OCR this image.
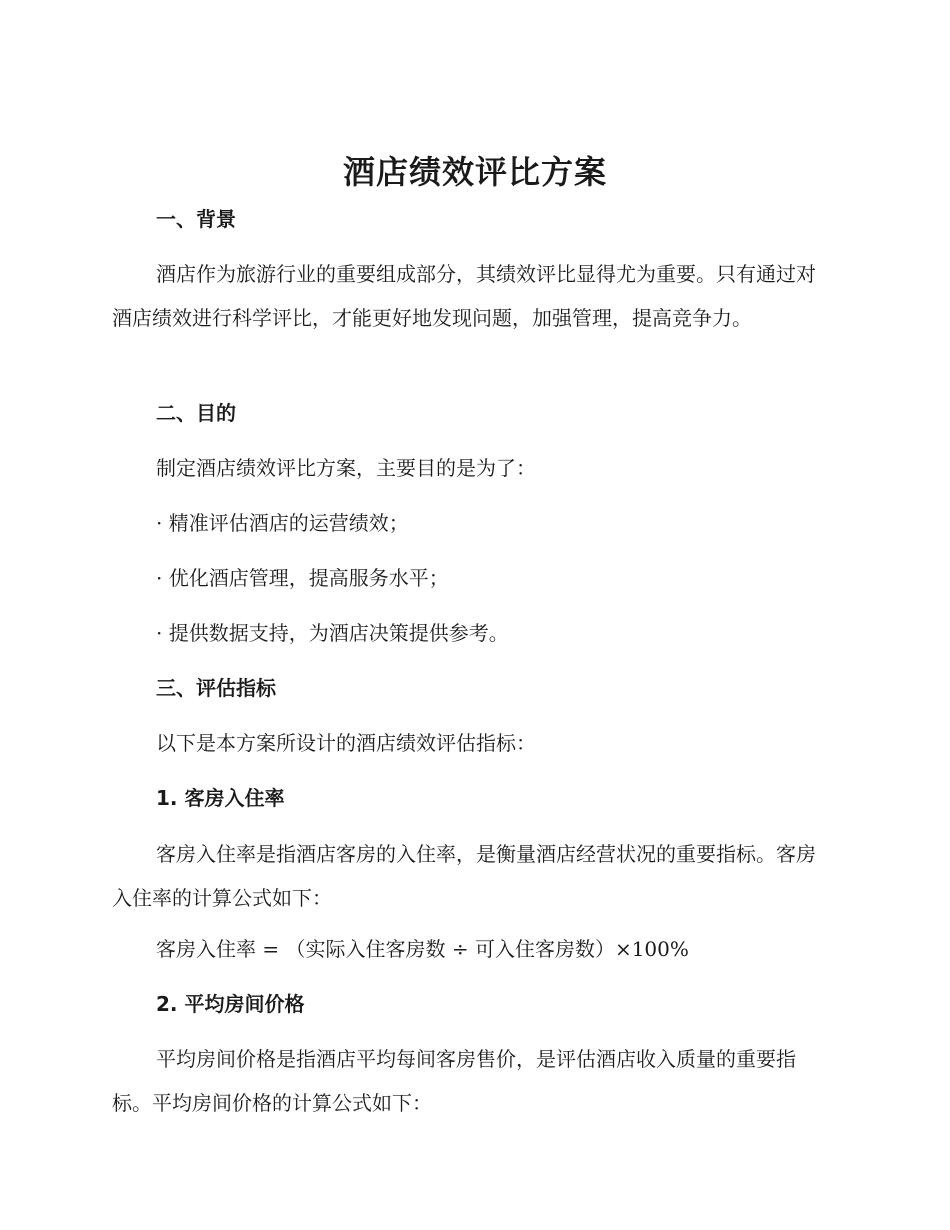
酒店绩效评比方案
一、背景
酒店作为旅游行业的重要组成部分，其绩效评比显得尤为重要。只有通过对酒店绩效进行科学评比，才能更好地发现问题，加强管理，提高竞争力。
二、目的
制定酒店绩效评比方案，主要目的是为了：
· 精准评估酒店的运营绩效；
· 优化酒店管理，提高服务水平；
· 提供数据支持，为酒店决策提供参考。
三、评估指标
以下是本方案所设计的酒店绩效评估指标：
1. 客房入住率
客房入住率是指酒店客房的入住率，是衡量酒店经营状况的重要指标。客房入住率的计算公式如下：
客房入住率 = （实际入住客房数 ÷ 可入住客房数）×100%
2. 平均房间价格
平均房间价格是指酒店平均每间客房售价，是评估酒店收入质量的重要指标。平均房间价格的计算公式如下：
